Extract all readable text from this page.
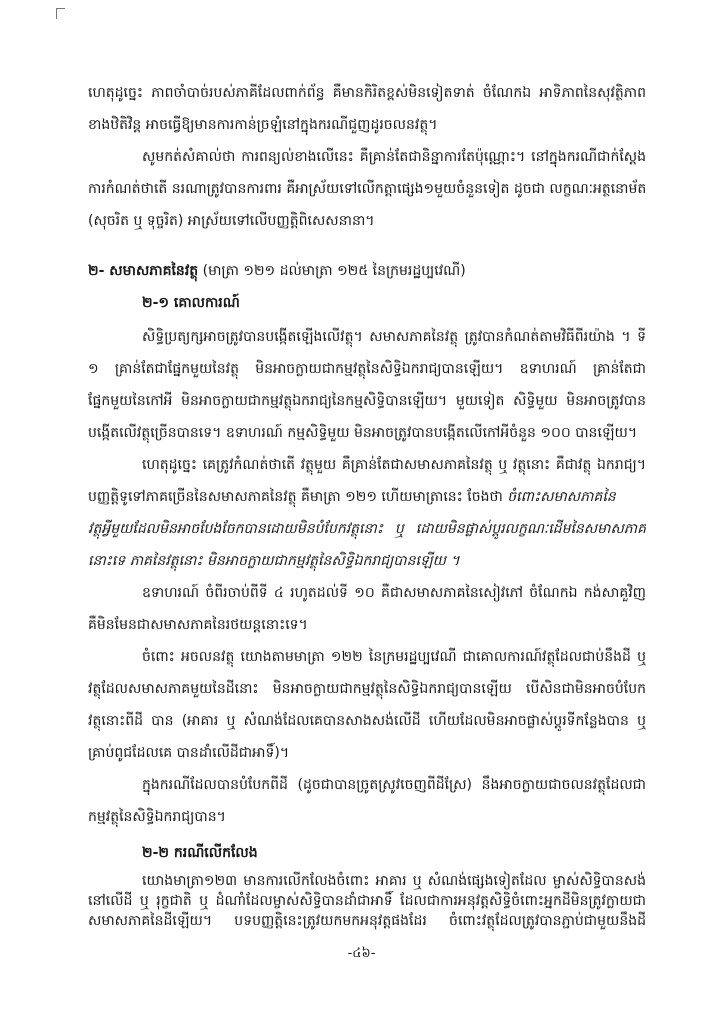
ហេតុដូច្នេះ ភាពចាំបាច់របស់ភាគីដែលពាក់ព័ន្ធ គឺមានកិរិតខ្ពស់មិនទៀតទាត់ ចំណែកឯ អាទិភាពនៃសុវត្ថិភាព
ខាងឋិតិវិន្ត អាចធ្វើឱ្យមានការកាន់ច្រឡំនៅក្នុងករណីជួញដូរចលនវត្ថុ។
សូមកត់សំគាល់ថា ការពន្យល់ខាងលើនេះ គឺគ្រាន់តែជានិន្នាការតែប៉ុណ្ណោះ។ នៅក្នុងករណីជាក់ស្តែង
ការកំណត់ថាតើ នរណាត្រូវបានការពារ គឺអាស្រ័យទៅលើកត្តាផ្សេង១មួយចំនួនទៀត ដូចជា លក្ខណៈអត្ថនោម័ត
(សុចរិត ឬ ទុច្ចរិត) អាស្រ័យទៅលើបញ្ញត្តិពិសេសនានា។
២- សមាសភាគនៃវត្ថុ (មាត្រា ១២១ ដល់មាត្រា ១២៥ នៃក្រមរដ្ឋប្បវេណី)
២-១ គោលការណ៍
សិទ្ធិប្រត្យក្សអាចត្រូវបានបង្កើតឡើងលើវត្ថុ។ សមាសភាគនៃវត្ថុ ត្រូវបានកំណត់តាមវិធីពីរយ៉ាង ។ ទី
១ គ្រាន់តែជាផ្នែកមួយនៃវត្ថុ មិនអាចក្លាយជាកម្មវត្ថុនៃសិទ្ធិឯករាជ្យបានឡើយ។ ឧទាហរណ៍ គ្រាន់តែជា
ផ្នែកមួយនៃកៅអី មិនអាចក្លាយជាកម្មវត្ថុឯករាជ្យនៃកម្មសិទ្ធិបានឡើយ។ មួយទៀត សិទ្ធិមួយ មិនអាចត្រូវបាន
បង្កើតលើវត្ថុច្រើនបានទេ។ ឧទាហរណ៍ កម្មសិទ្ធិមួយ មិនអាចត្រូវបានបង្កើតលើកៅអីចំនួន ១០០ បានឡើយ។
ហេតុដូច្នេះ គេត្រូវកំណត់ថាតើ វត្ថុមួយ គឺគ្រាន់តែជាសមាសភាគនៃវត្ថុ ឬ វត្ថុនោះ គឺជាវត្ថុ ឯករាជ្យ។
បញ្ញត្តិទូទៅភាគច្រើននៃសមាសភាគនៃវត្ថុ គឺមាត្រា ១២១ ហើយមាត្រានេះ ចែងថា ចំពោះសមាសភាគនៃ
វត្ថុអ្វីមួយដែលមិនអាចបែងចែកបានដោយមិនបំបែកវត្ថុនោះ ឬ ដោយមិនផ្លាស់ប្តូរលក្ខណៈដើមនៃសមាសភាគ
នោះទេ ភាគនៃវត្ថុនោះ មិនអាចក្លាយជាកម្មវត្ថុនៃសិទ្ធិឯករាជ្យបានឡើយ ។
ឧទាហរណ៍ ចំពីរចាប់ពីទី ៤ រហូតដល់ទី ១០ គឺជាសមាសភាគនៃសៀវភៅ ចំណែកឯ កង់សាគួវិញ
គឺមិនមែនជាសមាសភាគនៃរថយន្តនោះទេ។
ចំពោះ អចលនវត្ថុ យោងតាមមាត្រា ១២២ នៃក្រមរដ្ឋប្បវេណី ជាគោលការណ៍វត្ថុដែលជាប់នឹងដី ឬ
វត្ថុដែលសមាសភាគមួយនៃដីនោះ មិនអាចក្លាយជាកម្មវត្ថុនៃសិទ្ធិឯករាជ្យបានឡើយ បើសិនជាមិនអាចបំបែក
វត្ថុនោះពីដី បាន (អាគារ ឬ សំណង់ដែលគេបានសាងសង់លើដី ហើយដែលមិនអាចផ្លាស់ប្តូរទីកន្លែងបាន ឬ
គ្រាប់ពូជដែលគេ បានដាំលើដីជាអាទិ៍)។
ក្នុងករណីដែលបានបំបែកពីដី (ដូចជាបានច្រូតស្រូវចេញពីដីស្រែ) នឹងអាចក្លាយជាចលនវត្ថុដែលជា
កម្មវត្ថុនៃសិទ្ធិឯករាជ្យបាន។
២-២ ករណីលើកលែង
យោងមាត្រា១២៣ មានការលើកលែងចំពោះ អាគារ ឬ សំណង់ផ្សេងទៀតដែល ម្ចាស់សិទ្ធិបានសង់
នៅលើដី ឬ រុក្ខជាតិ ឬ ដំណាំដែលម្ចាស់សិទ្ធិបានដាំជាអាទិ៍ ដែលជាការអនុវត្តសិទ្ធិចំពោះអ្នកដីមិនត្រូវក្លាយជា
សមាសភាគនៃដីឡើយ។ បទបញ្ញត្តិនេះត្រូវយកមកអនុវត្តផងដែរ ចំពោះវត្ថុដែលត្រូវបានភ្ជាប់ជាមួយនឹងដី
-៤៦-
